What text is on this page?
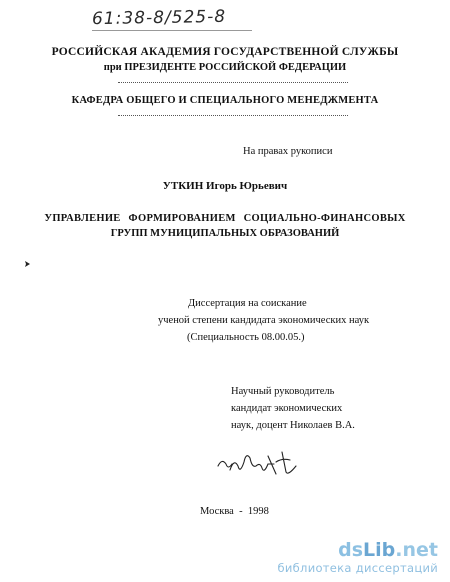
61:38-8/525-8
РОССИЙСКАЯ АКАДЕМИЯ ГОСУДАРСТВЕННОЙ СЛУЖБЫ
при ПРЕЗИДЕНТЕ РОССИЙСКОЙ ФЕДЕРАЦИИ
КАФЕДРА ОБЩЕГО И СПЕЦИАЛЬНОГО МЕНЕДЖМЕНТА
На правах рукописи
УТКИН Игорь Юрьевич
УПРАВЛЕНИЕ ФОРМИРОВАНИЕМ СОЦИАЛЬНО-ФИНАНСОВЫХ
ГРУПП МУНИЦИПАЛЬНЫХ ОБРАЗОВАНИЙ
Диссертация на соискание
ученой степени кандидата экономических наук
(Специальность 08.00.05.)
Научный руководитель
кандидат экономических
наук, доцент Николаев В.А.
Москва  -  1998
dsLib.net
библиотека диссертаций
